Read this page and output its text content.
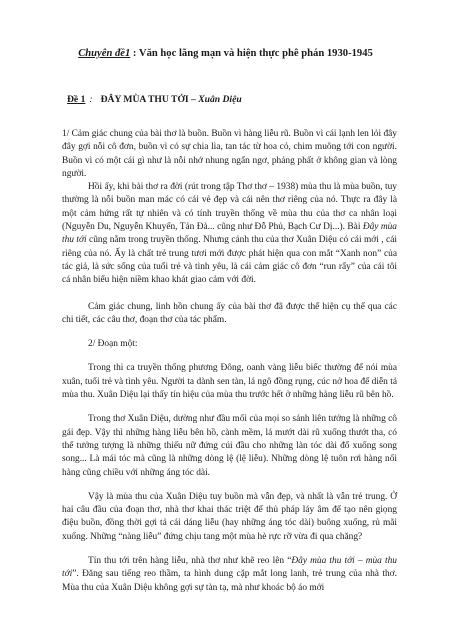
Chuyên đề1 : Văn học lãng mạn và hiện thực phê phán 1930-1945
Đề 1 : ĐÂY MÙA THU TỚI – Xuân Diệu

1/ Cảm giác chung của bài thơ là buồn. Buồn vì hàng liễu rũ. Buồn vì cái lạnh len lỏi đây đây gợi nỗi cô đơn, buồn vì có sự chia lìa, tan tác từ hoa cỏ, chim muông tới con người. Buồn vì có một cái gì như là nỗi nhớ nhung ngẩn ngơ, phảng phất ở không gian và lòng người.

Hồi ấy, khi bài thơ ra đời (rút trong tập Thơ thơ – 1938) mùa thu là mùa buồn, tuy thường là nỗi buồn man mác có cái vẻ đẹp và cái nên thơ riêng của nó. Thực ra đây là một cảm hứng rất tự nhiên và có tính truyền thống về mùa thu của thơ ca nhân loại (Nguyễn Du, Nguyễn Khuyến, Tản Đà... cũng như Đỗ Phủ, Bạch Cư Dị...). Bài Đây mùa thu tới cũng nằm trong truyền thống. Nhưng cảnh thu của thơ Xuân Diệu có cái mới , cái riêng của nó. Ấy là chất trẻ trung tươi mới được phát hiện qua con mắt “Xanh non” của tác giả, là sức sống của tuổi trẻ và tình yêu, là cái cảm giác cô đơn “run rẩy” của cái tôi cá nhân biểu hiện niềm khao khát giao cảm với đời.

Cảm giác chung, linh hồn chung ấy của bài thơ đã được thể hiện cụ thể qua các chi tiết, các câu thơ, đoạn thơ của tác phẩm.

2/ Đoạn một:

Trong thi ca truyền thống phương Đông, oanh vàng liễu biếc thường để nói mùa xuân, tuổi trẻ và tình yêu. Người ta dành sen tàn, lá ngô đồng rụng, cúc nở hoa để diễn tả mùa thu. Xuân Diệu lại thấy tín hiệu của mùa thu trước hết ở những hàng liễu rũ bên hồ.

Trong thơ Xuân Diệu, dường như đầu mối của mọi so sánh liên tưởng là những cô gái đẹp. Vậy thì những hàng liễu bên hồ, cành mềm, lá mướt dài rũ xuống thướt tha, có thể tưởng tượng là những thiếu nữ đứng cúi đầu cho những làn tóc dài đổ xuống song song... Là mái tóc mà cũng là những dòng lệ (lệ liễu). Những dòng lệ tuôn rơi hàng nối hàng cũng chiều với những áng tóc dài.

Vậy là mùa thu của Xuân Diệu tuy buồn mà vẫn đẹp, và nhất là vẫn trẻ trung. Ở hai câu đầu của đoạn thơ, nhà thơ khai thác triệt để thủ pháp láy âm để tạo nên giọng điệu buồn, đồng thời gợi tả cái dáng liễu (hay những áng tóc dài) buông xuống, rủ mãi xuống. Những “nàng liễu” đứng chịu tang một mùa hè rực rỡ vừa đi qua chăng?

Tín thu tới trên hàng liễu, nhà thơ như khẽ reo lên “Đây mùa thu tới – mùa thu tới”. Đăng sau tiếng reo thầm, ta hình dung cặp mắt long lanh, trẻ trung của nhà thơ. Mùa thu của Xuân Diệu không gợi sự tàn tạ, mà như khoác bộ áo mới
